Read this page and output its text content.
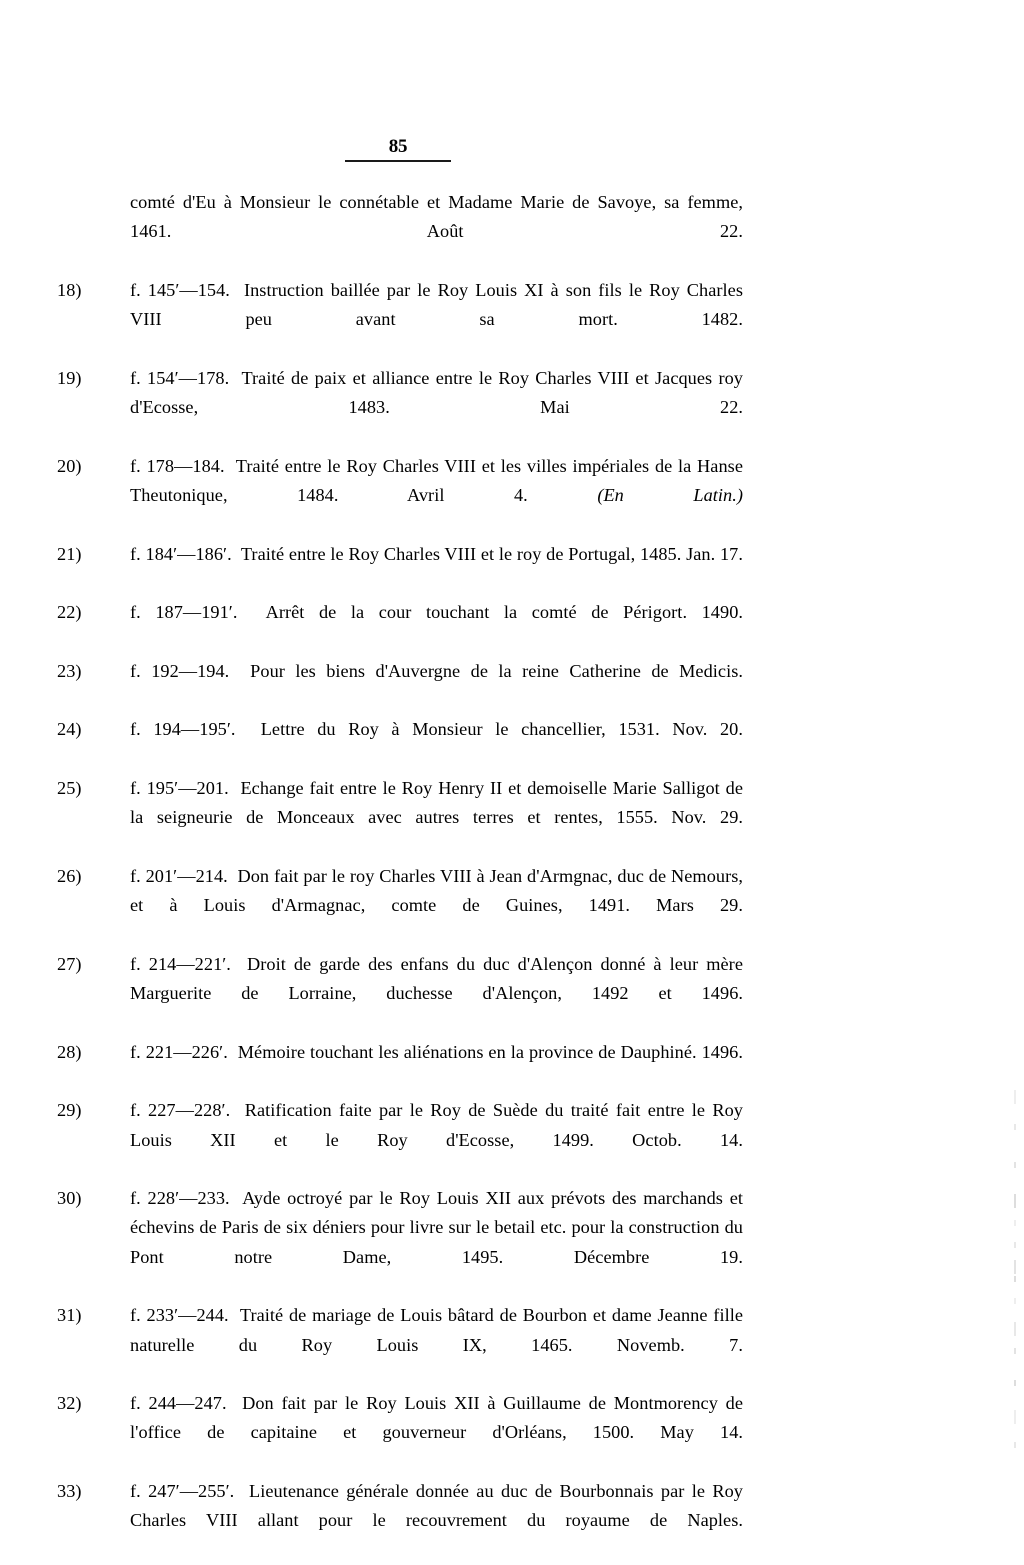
85

comté d'Eu à Monsieur le connétable et Madame Marie de Savoye, sa femme, 1461. Août 22.

18)	f. 145′—154. Instruction baillée par le Roy Louis XI à son fils le Roy Charles VIII peu avant sa mort. 1482.

19)	f. 154′—178. Traité de paix et alliance entre le Roy Charles VIII et Jacques roy d'Ecosse, 1483. Mai 22.

20)	f. 178—184. Traité entre le Roy Charles VIII et les villes impériales de la Hanse Theutonique, 1484. Avril 4.	(En Latin.)

21)	f. 184′—186′. Traité entre le Roy Charles VIII et le roy de Portugal, 1485. Jan. 17.

22)	f. 187—191′. Arrêt de la cour touchant la comté de Périgort. 1490.

23)	f. 192—194. Pour les biens d'Auvergne de la reine Catherine de Medicis.

24)	f. 194—195′. Lettre du Roy à Monsieur le chancellier, 1531. Nov. 20.

25)	f. 195′—201. Echange fait entre le Roy Henry II et demoiselle Marie Salligot de la seigneurie de Monceaux avec autres terres et rentes, 1555. Nov. 29.

26)	f. 201′—214. Don fait par le roy Charles VIII à Jean d'Armgnac, duc de Nemours, et à Louis d'Armagnac, comte de Guines, 1491. Mars 29.

27)	f. 214—221′. Droit de garde des enfans du duc d'Alençon donné à leur mère Marguerite de Lorraine, duchesse d'Alençon, 1492 et 1496.

28)	f. 221—226′. Mémoire touchant les aliénations en la province de Dauphiné. 1496.

29)	f. 227—228′. Ratification faite par le Roy de Suède du traité fait entre le Roy Louis XII et le Roy d'Ecosse, 1499. Octob. 14.

30)	f. 228′—233. Ayde octroyé par le Roy Louis XII aux prévots des marchands et échevins de Paris de six déniers pour livre sur le betail etc. pour la construction du Pont notre Dame, 1495. Décembre 19.

31)	f. 233′—244. Traité de mariage de Louis bâtard de Bourbon et dame Jeanne fille naturelle du Roy Louis IX, 1465. Novemb. 7.

32)	f. 244—247. Don fait par le Roy Louis XII à Guillaume de Montmorency de l'office de capitaine et gouverneur d'Orléans, 1500. May 14.

33)	f. 247′—255′. Lieutenance générale donnée au duc de Bourbonnais par le Roy Charles VIII allant pour le recouvrement du royaume de Naples.
